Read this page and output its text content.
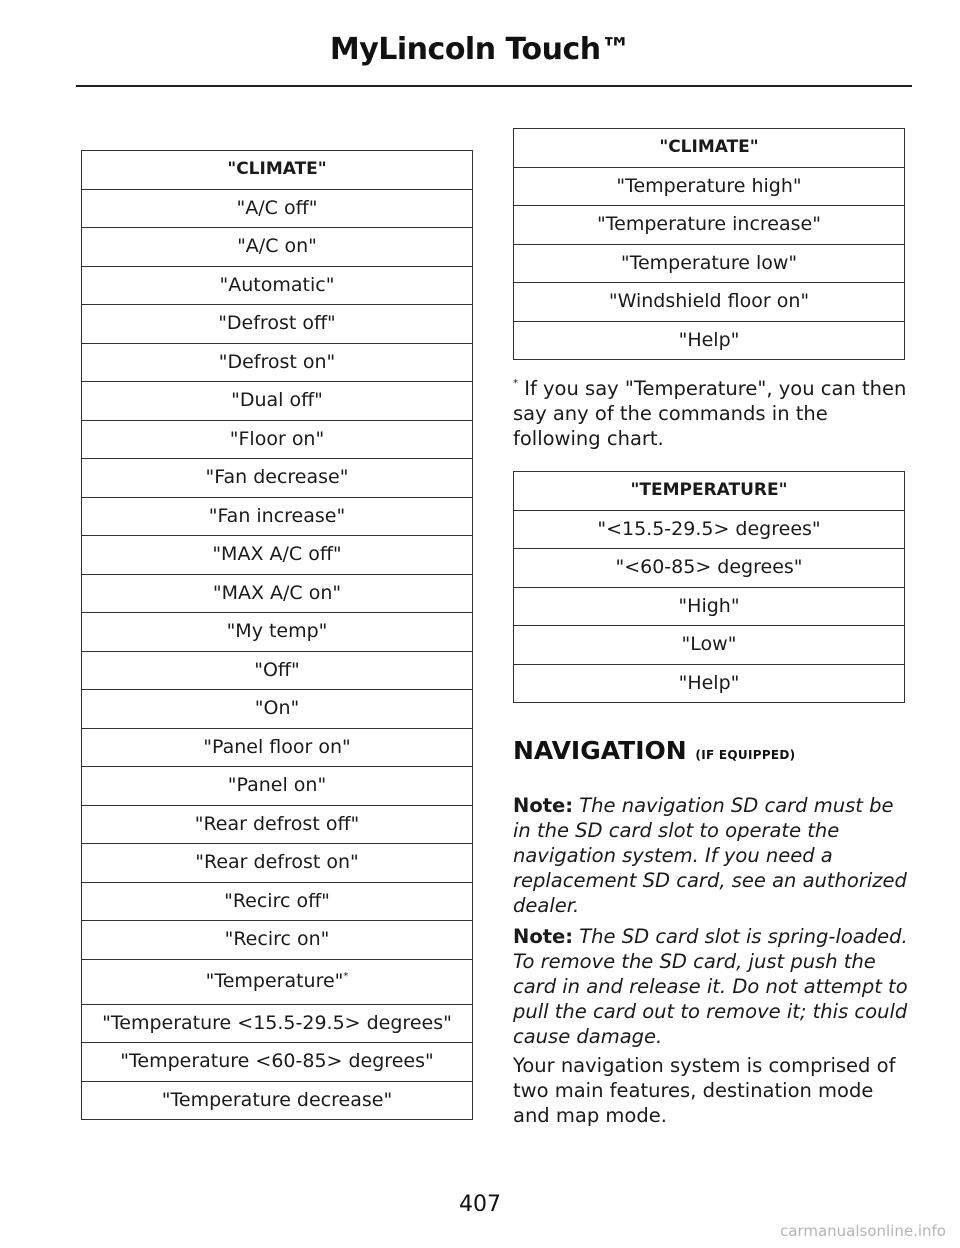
MyLincoln Touch™
"CLIMATE"
"A/C off"
"A/C on"
"Automatic"
"Defrost off"
"Defrost on"
"Dual off"
"Floor on"
"Fan decrease"
"Fan increase"
"MAX A/C off"
"MAX A/C on"
"My temp"
"Off"
"On"
"Panel floor on"
"Panel on"
"Rear defrost off"
"Rear defrost on"
"Recirc off"
"Recirc on"
"Temperature"*
"Temperature <15.5-29.5> degrees"
"Temperature <60-85> degrees"
"Temperature decrease"
"CLIMATE"
"Temperature high"
"Temperature increase"
"Temperature low"
"Windshield floor on"
"Help"
* If you say "Temperature", you can then say any of the commands in the following chart.
"TEMPERATURE"
"<15.5-29.5> degrees"
"<60-85> degrees"
"High"
"Low"
"Help"
NAVIGATION (IF EQUIPPED)
Note: The navigation SD card must be in the SD card slot to operate the navigation system. If you need a replacement SD card, see an authorized dealer.
Note: The SD card slot is spring-loaded. To remove the SD card, just push the card in and release it. Do not attempt to pull the card out to remove it; this could cause damage.
Your navigation system is comprised of two main features, destination mode and map mode.
407
carmanualsonline.info
